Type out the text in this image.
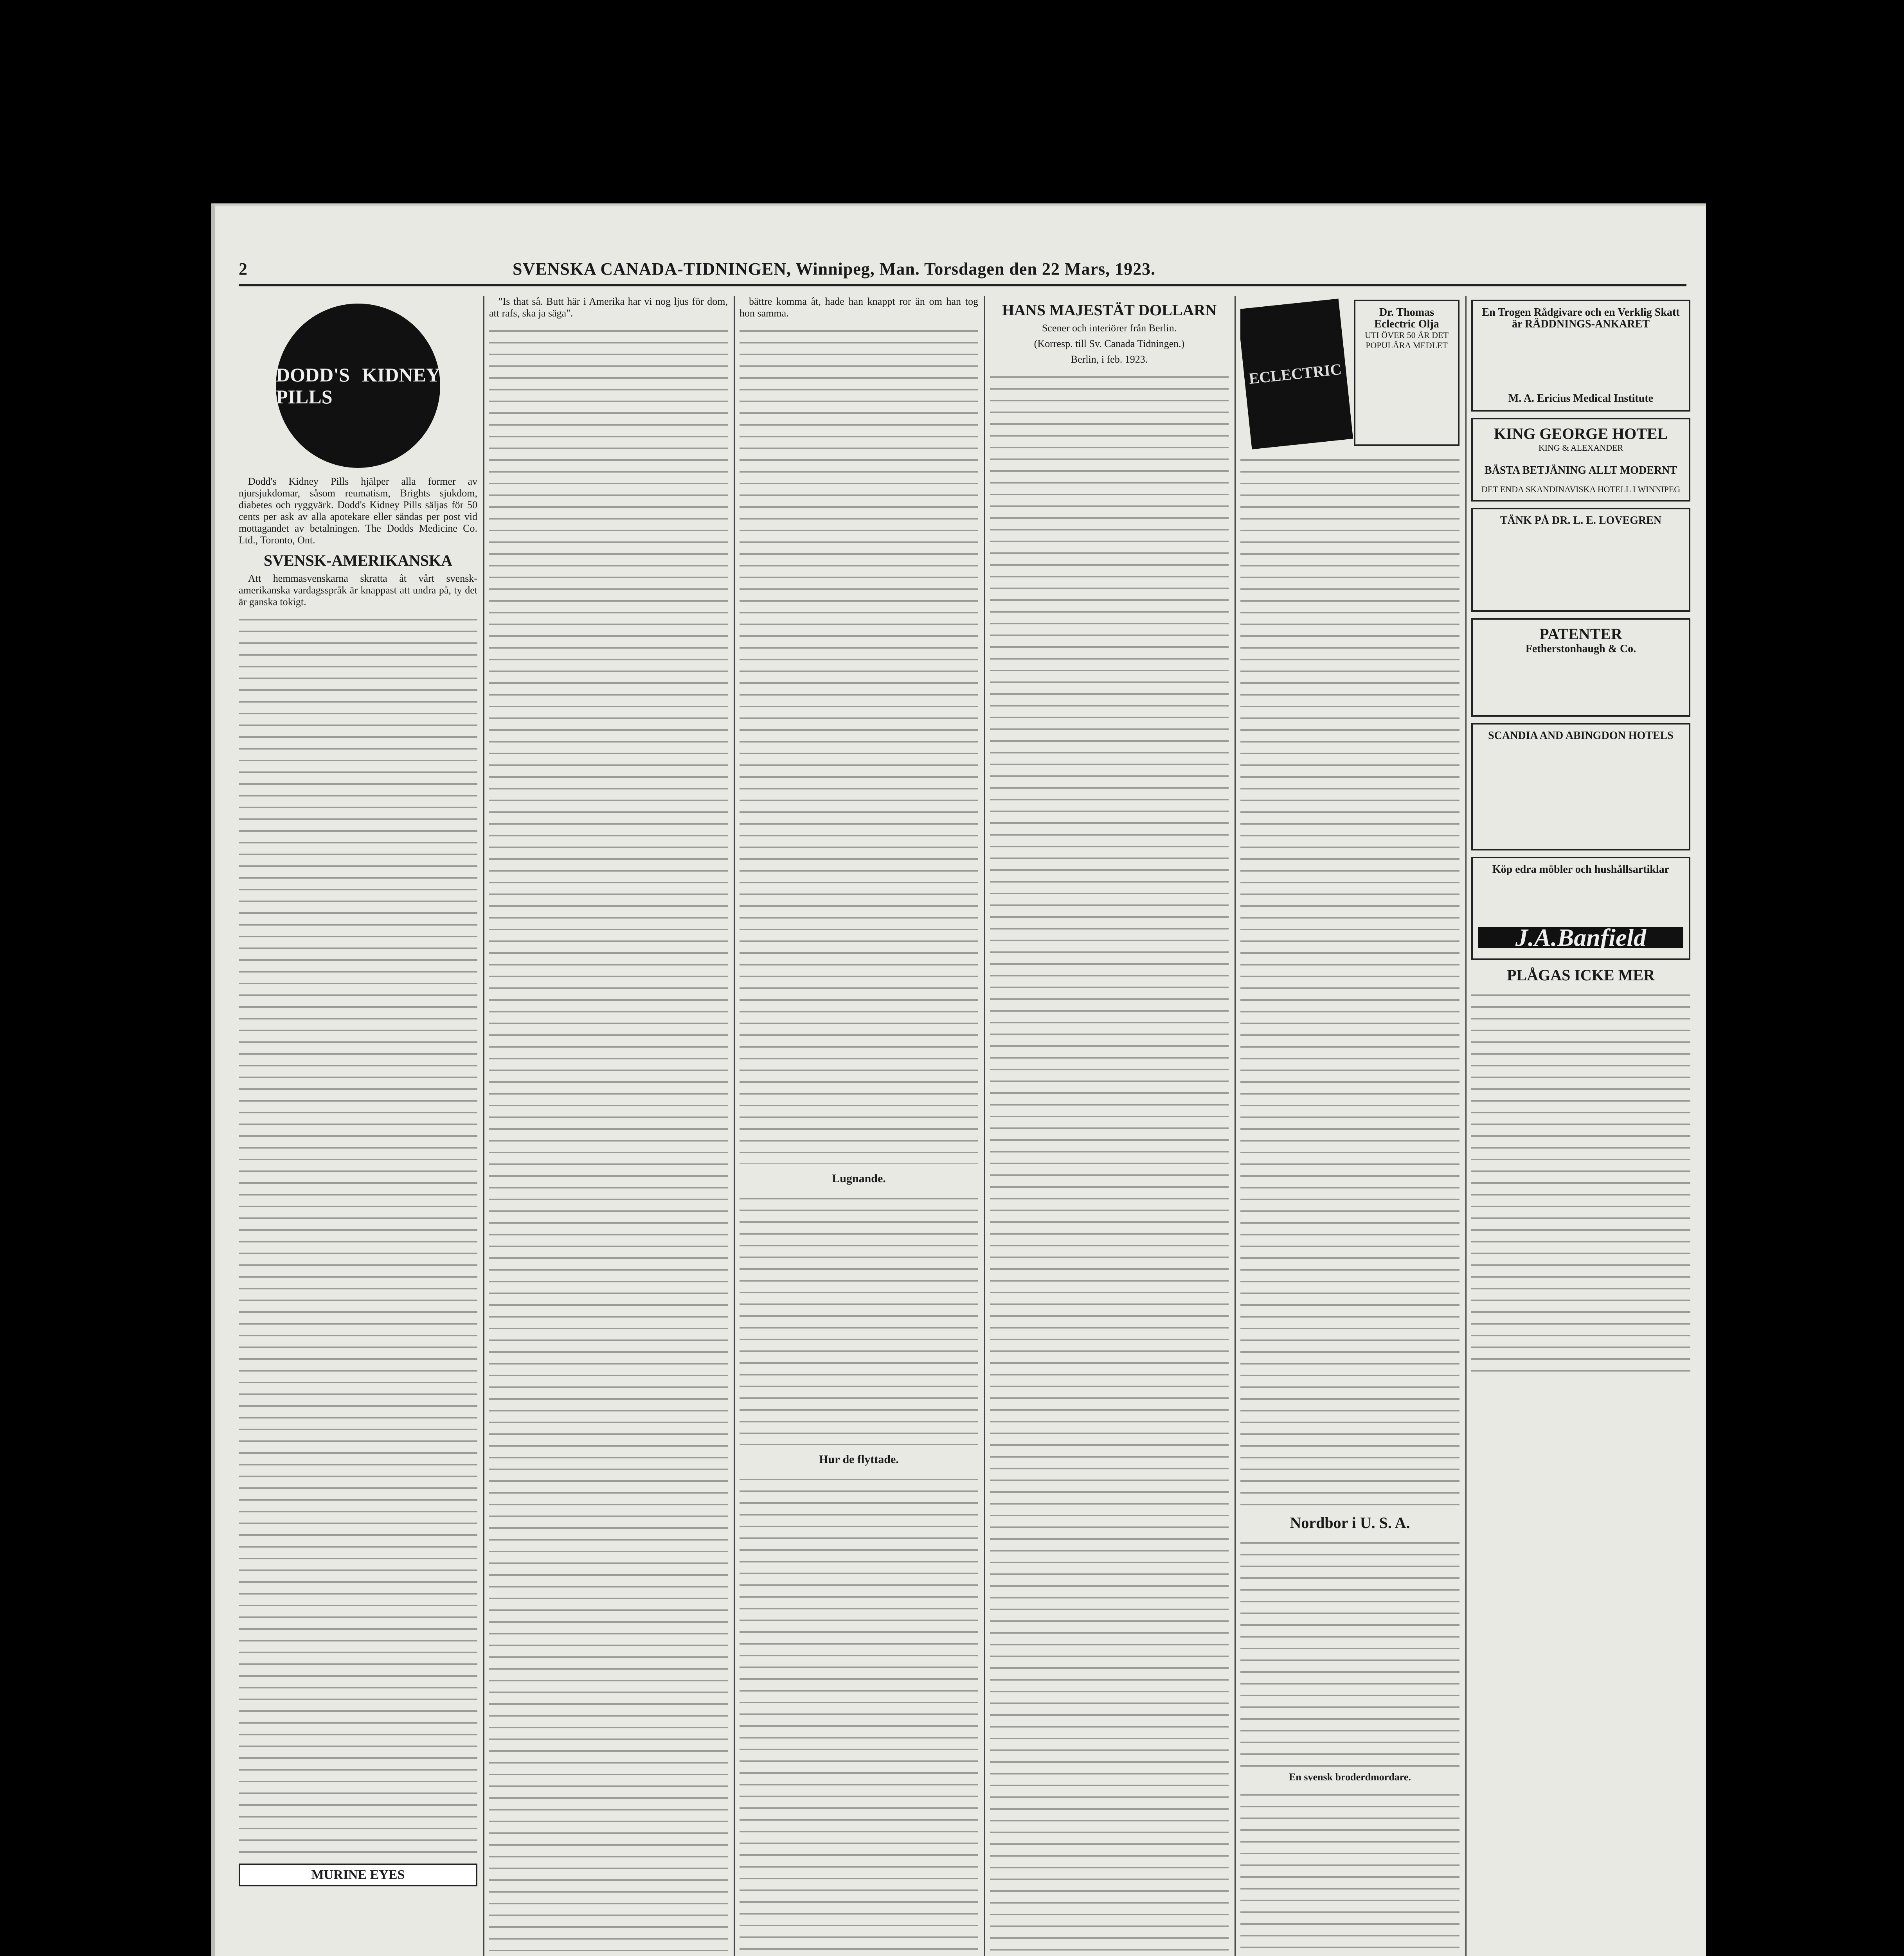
2	SVENSKA CANADA-TIDNINGEN, Winnipeg, Man. Torsdagen den 22 Mars, 1923.
DODD'S KIDNEY PILLS

Dodd's Kidney Pills hjälper alla former av njursjukdomar, såsom reumatism, Brights sjukdom, diabetes och ryggvärk. Dodd's Kidney Pills säljas för 50 cents per ask av alla apotekare eller sändas per post vid mottagandet av betalningen. The Dodds Medicine Co. Ltd., Toronto, Ont.

SVENSK-AMERIKANSKA

Att hemmasvenskarna skratta åt vårt svensk-amerikanska vardagsspråk är knappast att undra på, ty det är ganska tokigt.

MURINE EYES

"Is that så. Butt här i Amerika har vi nog ljus för dom, att rafs, ska ja säga".

bättre komma åt, hade han knappt ror än om han tog hon samma.

Lugnande.
Hur de flyttade.
HANS MAJESTÄT DOLLARN
Scener och interiörer från Berlin.
(Korresp. till Sv. Canada Tidningen.)
Berlin, i feb. 1923.
ECLECTRIC
Dr. Thomas Eclectric Olja
UTI ÖVER 50 ÅR DET POPULÄRA MEDLET
Nordbor i U. S. A.
En svensk broderdmordare.
En Trogen Rådgivare och en Verklig Skatt är RÄDDNINGS-ANKARET
M. A. Ericius Medical Institute
KING GEORGE HOTEL
KING & ALEXANDER
BÄSTA BETJÄNING ALLT MODERNT
DET ENDA SKANDINAVISKA HOTELL I WINNIPEG
TÄNK PÅ DR. L. E. LOVEGREN
PATENTER
Fetherstonhaugh & Co.
SCANDIA AND ABINGDON HOTELS
Köp edra möbler och hushållsartiklar
J.A.Banfield
PLÅGAS ICKE MER
